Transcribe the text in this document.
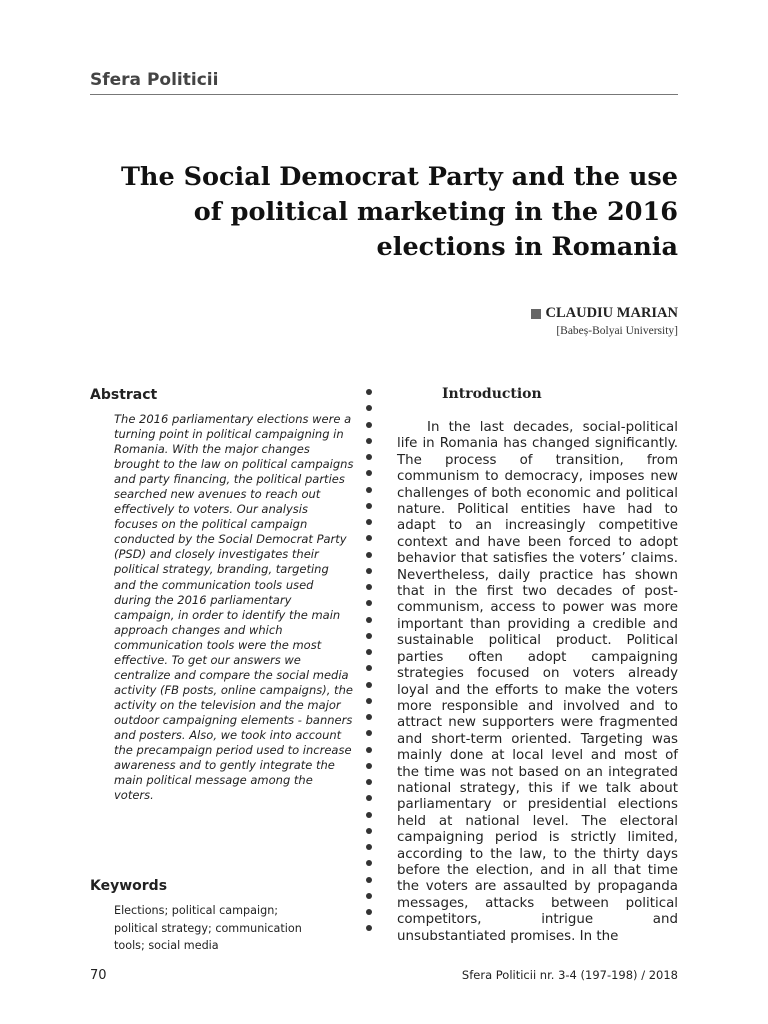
Sfera Politicii
The Social Democrat Party and the use of political marketing in the 2016 elections in Romania
CLAUDIU MARIAN
[Babeș-Bolyai University]
Abstract

The 2016 parliamentary elections were a turning point in political campaigning in Romania. With the major changes brought to the law on political campaigns and party financing, the political parties searched new avenues to reach out effectively to voters. Our analysis focuses on the political campaign conducted by the Social Democrat Party (PSD) and closely investigates their political strategy, branding, targeting and the communication tools used during the 2016 parliamentary campaign, in order to identify the main approach changes and which communication tools were the most effective. To get our answers we centralize and compare the social media activity (FB posts, online campaigns), the activity on the television and the major outdoor campaigning elements - banners and posters. Also, we took into account the precampaign period used to increase awareness and to gently integrate the main political message among the voters.

Keywords

Elections; political campaign; political strategy; communication tools; social media

Introduction

In the last decades, social-political life in Romania has changed significantly. The process of transition, from communism to democracy, imposes new challenges of both economic and political nature. Political entities have had to adapt to an increasingly competitive context and have been forced to adopt behavior that satisfies the voters’ claims. Nevertheless, daily practice has shown that in the first two decades of post-communism, access to power was more important than providing a credible and sustainable political product. Political parties often adopt campaigning strategies focused on voters already loyal and the efforts to make the voters more responsible and involved and to attract new supporters were fragmented and short-term oriented. Targeting was mainly done at local level and most of the time was not based on an integrated national strategy, this if we talk about parliamentary or presidential elections held at national level. The electoral campaigning period is strictly limited, according to the law, to the thirty days before the election, and in all that time the voters are assaulted by propaganda messages, attacks between political competitors, intrigue and unsubstantiated promises. In the

70	Sfera Politicii nr. 3-4 (197-198) / 2018
